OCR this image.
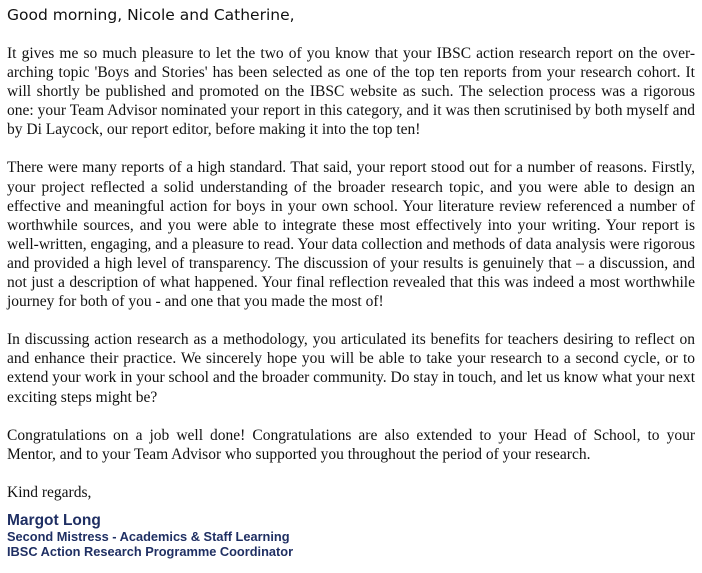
Good morning, Nicole and Catherine,

It gives me so much pleasure to let the two of you know that your IBSC action research report on the over-arching topic 'Boys and Stories' has been selected as one of the top ten reports from your research cohort. It will shortly be published and promoted on the IBSC website as such. The selection process was a rigorous one: your Team Advisor nominated your report in this category, and it was then scrutinised by both myself and by Di Laycock, our report editor, before making it into the top ten!

There were many reports of a high standard. That said, your report stood out for a number of reasons. Firstly, your project reflected a solid understanding of the broader research topic, and you were able to design an effective and meaningful action for boys in your own school. Your literature review referenced a number of worthwhile sources, and you were able to integrate these most effectively into your writing. Your report is well-written, engaging, and a pleasure to read. Your data collection and methods of data analysis were rigorous and provided a high level of transparency. The discussion of your results is genuinely that – a discussion, and not just a description of what happened. Your final reflection revealed that this was indeed a most worthwhile journey for both of you - and one that you made the most of!

In discussing action research as a methodology, you articulated its benefits for teachers desiring to reflect on and enhance their practice. We sincerely hope you will be able to take your research to a second cycle, or to extend your work in your school and the broader community. Do stay in touch, and let us know what your next exciting steps might be?

Congratulations on a job well done! Congratulations are also extended to your Head of School, to your Mentor, and to your Team Advisor who supported you throughout the period of your research.

Kind regards,

Margot Long

Second Mistress - Academics & Staff Learning

IBSC Action Research Programme Coordinator
